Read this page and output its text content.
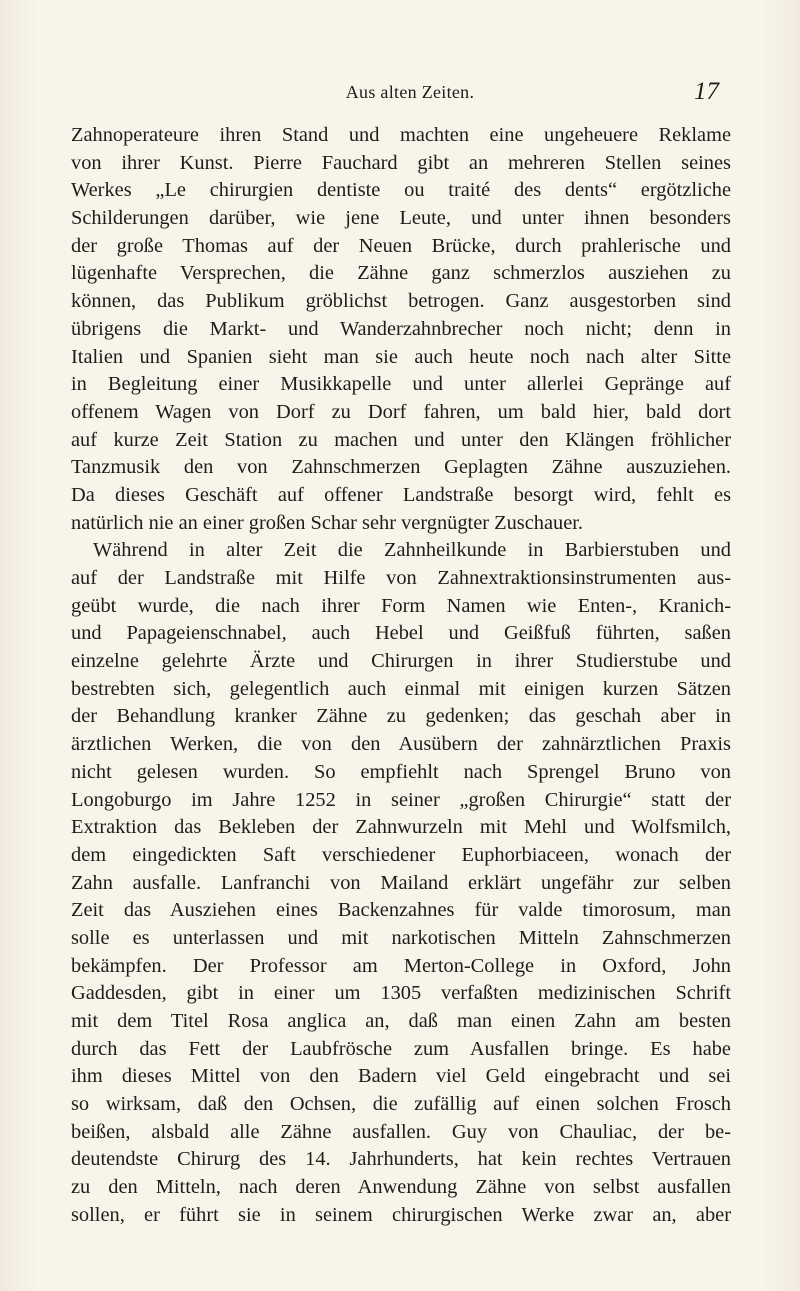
Aus alten Zeiten.	17
Zahnoperateure ihren Stand und machten eine ungeheuere Reklame
von ihrer Kunst. Pierre Fauchard gibt an mehreren Stellen seines
Werkes „Le chirurgien dentiste ou traité des dents“ ergötzliche
Schilderungen darüber, wie jene Leute, und unter ihnen besonders
der große Thomas auf der Neuen Brücke, durch prahlerische und
lügenhafte Versprechen, die Zähne ganz schmerzlos ausziehen zu
können, das Publikum gröblichst betrogen. Ganz ausgestorben sind
übrigens die Markt- und Wanderzahnbrecher noch nicht; denn in
Italien und Spanien sieht man sie auch heute noch nach alter Sitte
in Begleitung einer Musikkapelle und unter allerlei Gepränge auf
offenem Wagen von Dorf zu Dorf fahren, um bald hier, bald dort
auf kurze Zeit Station zu machen und unter den Klängen fröhlicher
Tanzmusik den von Zahnschmerzen Geplagten Zähne auszuziehen.
Da dieses Geschäft auf offener Landstraße besorgt wird, fehlt es
natürlich nie an einer großen Schar sehr vergnügter Zuschauer.
Während in alter Zeit die Zahnheilkunde in Barbierstuben und
auf der Landstraße mit Hilfe von Zahnextraktionsinstrumenten aus-
geübt wurde, die nach ihrer Form Namen wie Enten-, Kranich-
und Papageienschnabel, auch Hebel und Geißfuß führten, saßen
einzelne gelehrte Ärzte und Chirurgen in ihrer Studierstube und
bestrebten sich, gelegentlich auch einmal mit einigen kurzen Sätzen
der Behandlung kranker Zähne zu gedenken; das geschah aber in
ärztlichen Werken, die von den Ausübern der zahnärztlichen Praxis
nicht gelesen wurden. So empfiehlt nach Sprengel Bruno von
Longoburgo im Jahre 1252 in seiner „großen Chirurgie“ statt der
Extraktion das Bekleben der Zahnwurzeln mit Mehl und Wolfsmilch,
dem eingedickten Saft verschiedener Euphorbiaceen, wonach der
Zahn ausfalle. Lanfranchi von Mailand erklärt ungefähr zur selben
Zeit das Ausziehen eines Backenzahnes für valde timorosum, man
solle es unterlassen und mit narkotischen Mitteln Zahnschmerzen
bekämpfen. Der Professor am Merton-College in Oxford, John
Gaddesden, gibt in einer um 1305 verfaßten medizinischen Schrift
mit dem Titel Rosa anglica an, daß man einen Zahn am besten
durch das Fett der Laubfrösche zum Ausfallen bringe. Es habe
ihm dieses Mittel von den Badern viel Geld eingebracht und sei
so wirksam, daß den Ochsen, die zufällig auf einen solchen Frosch
beißen, alsbald alle Zähne ausfallen. Guy von Chauliac, der be-
deutendste Chirurg des 14. Jahrhunderts, hat kein rechtes Vertrauen
zu den Mitteln, nach deren Anwendung Zähne von selbst ausfallen
sollen, er führt sie in seinem chirurgischen Werke zwar an, aber
